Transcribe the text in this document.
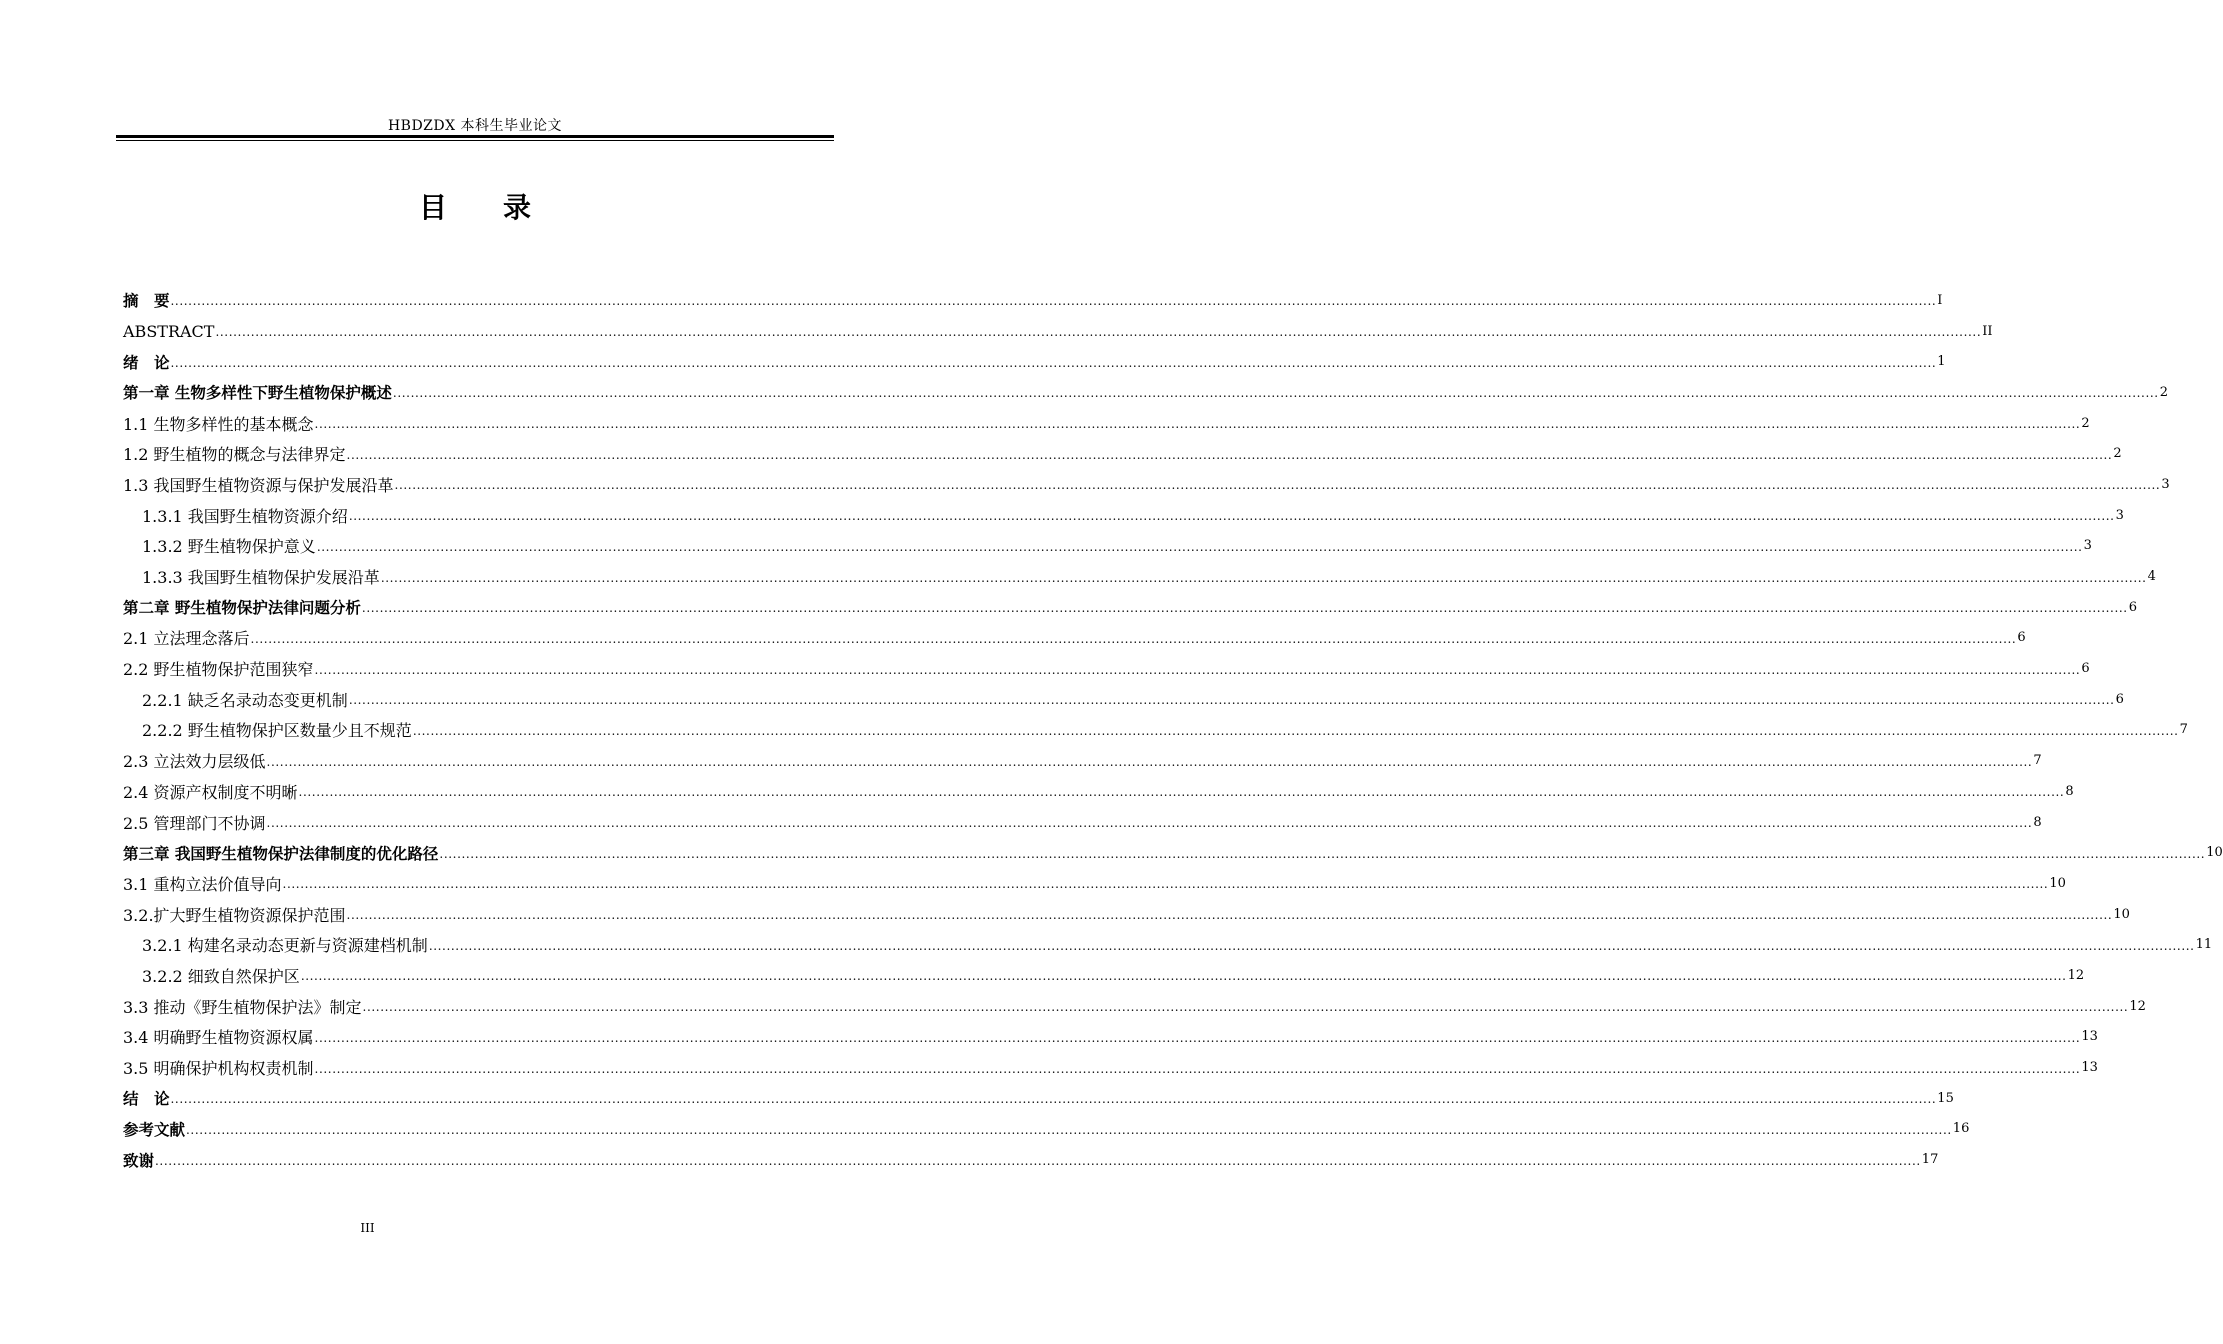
HBDZDX 本科生毕业论文
目 录
摘　要 ................................................................................................................................................................................................................................................................................................................................................................................................................ I
ABSTRACT ................................................................................................................................................................................................................................................................................................................................................................................................................ II
绪　论 ................................................................................................................................................................................................................................................................................................................................................................................................................ 1
第一章 生物多样性下野生植物保护概述 ................................................................................................................................................................................................................................................................................................................................................................................................................ 2
1.1 生物多样性的基本概念 ................................................................................................................................................................................................................................................................................................................................................................................................................ 2
1.2 野生植物的概念与法律界定 ................................................................................................................................................................................................................................................................................................................................................................................................................ 2
1.3 我国野生植物资源与保护发展沿革 ................................................................................................................................................................................................................................................................................................................................................................................................................ 3
1.3.1 我国野生植物资源介绍 ................................................................................................................................................................................................................................................................................................................................................................................................................ 3
1.3.2 野生植物保护意义 ................................................................................................................................................................................................................................................................................................................................................................................................................ 3
1.3.3 我国野生植物保护发展沿革 ................................................................................................................................................................................................................................................................................................................................................................................................................ 4
第二章 野生植物保护法律问题分析 ................................................................................................................................................................................................................................................................................................................................................................................................................ 6
2.1 立法理念落后 ................................................................................................................................................................................................................................................................................................................................................................................................................ 6
2.2 野生植物保护范围狭窄 ................................................................................................................................................................................................................................................................................................................................................................................................................ 6
2.2.1 缺乏名录动态变更机制 ................................................................................................................................................................................................................................................................................................................................................................................................................ 6
2.2.2 野生植物保护区数量少且不规范 ................................................................................................................................................................................................................................................................................................................................................................................................................ 7
2.3 立法效力层级低 ................................................................................................................................................................................................................................................................................................................................................................................................................ 7
2.4 资源产权制度不明晰 ................................................................................................................................................................................................................................................................................................................................................................................................................ 8
2.5 管理部门不协调 ................................................................................................................................................................................................................................................................................................................................................................................................................ 8
第三章 我国野生植物保护法律制度的优化路径 ................................................................................................................................................................................................................................................................................................................................................................................................................ 10
3.1 重构立法价值导向 ................................................................................................................................................................................................................................................................................................................................................................................................................ 10
3.2.扩大野生植物资源保护范围 ................................................................................................................................................................................................................................................................................................................................................................................................................ 10
3.2.1 构建名录动态更新与资源建档机制 ................................................................................................................................................................................................................................................................................................................................................................................................................ 11
3.2.2 细致自然保护区 ................................................................................................................................................................................................................................................................................................................................................................................................................ 12
3.3 推动《野生植物保护法》制定 ................................................................................................................................................................................................................................................................................................................................................................................................................ 12
3.4 明确野生植物资源权属 ................................................................................................................................................................................................................................................................................................................................................................................................................ 13
3.5 明确保护机构权责机制 ................................................................................................................................................................................................................................................................................................................................................................................................................ 13
结　论 ................................................................................................................................................................................................................................................................................................................................................................................................................ 15
参考文献 ................................................................................................................................................................................................................................................................................................................................................................................................................ 16
致谢 ................................................................................................................................................................................................................................................................................................................................................................................................................ 17
III
